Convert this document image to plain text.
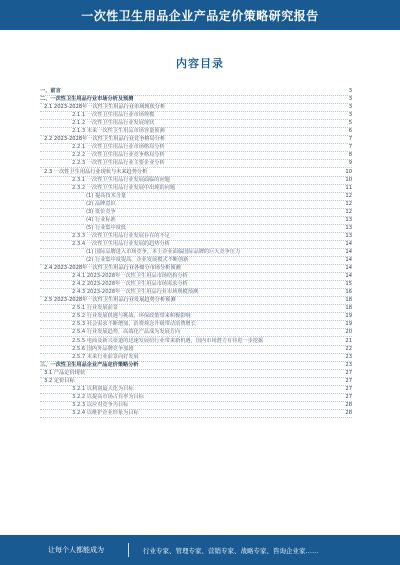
一次性卫生用品企业产品定价策略研究报告
内容目录
一、前言	3
二、一次性卫生用品行业市场分析及预测	3
2.1 2023-2028年一次性卫生用品行业市场现状分析	3
2.1.1 一次性卫生用品行业市场规模	3
2.1.2 一次性卫生用品行业发展现状	5
2.1.3 未来一次性卫生用品市场容量预测	6
2.2 2023-2028年一次性卫生用品行业竞争格局分析	7
2.2.1 一次性卫生用品行业市场格局分析	7
2.2.2 一次性卫生用品行业竞争格局分析	8
2.2.3 一次性卫生用品行业主要企业分析	9
2.3 一次性卫生用品行业现状与未来趋势分析	10
2.3.1 一次性卫生用品行业发展面临的问题	10
2.3.2 一次性卫生用品行业发展中出现的问题	11
(1) 提高技术含量	12
(2) 品牌意识	12
(3) 低价竞争	12
(4) 行业标准	13
(5) 行业集中度低	13
2.3.3 一次性卫生用品行业发展存在的不足	13
2.3.4 一次性卫生用品行业发展的趋势分析	14
(1) 国际品牌进入市场竞争，本土企业面临国际品牌的巨大竞争压力	14
(2) 行业集中度提高，企业发展模式不断创新	14
2.4 2023-2028年一次性卫生用品行业各细分市场分析预测	14
2.4.1 2023-2028年一次性卫生用品市场结构分析	14
2.4.2 2023-2028年一次性卫生用品市场需求分析	15
2.4.3 2023-2028年一次性卫生用品行业市场规模预测	16
2.5 2023-2028年一次性卫生用品行业发展趋势分析预测	18
2.5.1 行业发展前景	18
2.5.2 行业发展机遇与挑战，环保政策带来积极影响	19
2.5.3 社会需求不断增加，消费观念升级带动消费增长	19
2.5.4 行业发展趋势，高端化产品成为发展方向	20
2.5.5 电商及新兴渠道的迅速发展给行业带来新机遇，国内市场潜力有待进一步挖掘	21
2.5.6 国内外品牌竞争加剧	22
2.5.7 未来行业前景向好发展	23
三、一次性卫生用品企业产品定价策略分析	23
3.1 产品定价现状	27
3.2 定价目标	27
3.2.1 以利润最大化为目标	27
3.2.2 以提高市场占有率为目标	27
3.2.3 以应对竞争为目标	28
3.2.4 以维护企业形象为目标	28
让每个人都能成为	行业专家、管理专家、营销专家、战略专家、咨询企业家……
